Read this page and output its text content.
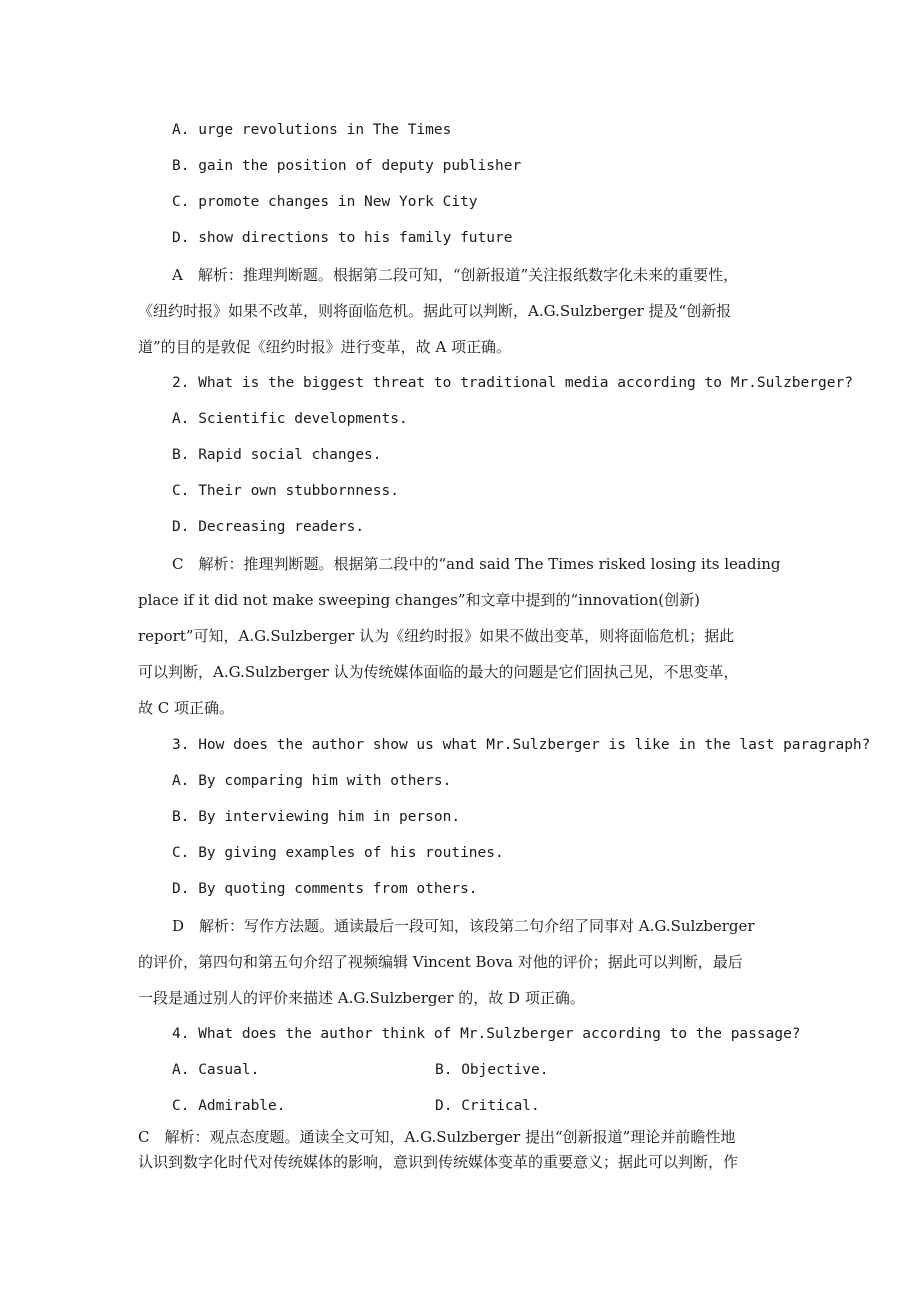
A. urge revolutions in The Times
B. gain the position of deputy publisher
C. promote changes in New York City
D. show directions to his family future
A　解析：推理判断题。根据第二段可知，“创新报道”关注报纸数字化未来的重要性，
《纽约时报》如果不改革，则将面临危机。据此可以判断，A.G.Sulzberger 提及“创新报
道”的目的是敦促《纽约时报》进行变革，故 A 项正确。
2. What is the biggest threat to traditional media according to Mr.Sulzberger?
A. Scientific developments.
B. Rapid social changes.
C. Their own stubbornness.
D. Decreasing readers.
C　解析：推理判断题。根据第二段中的“and said The Times risked losing its leading
place if it did not make sweeping changes”和文章中提到的“innovation(创新)
report”可知，A.G.Sulzberger 认为《纽约时报》如果不做出变革，则将面临危机；据此
可以判断，A.G.Sulzberger 认为传统媒体面临的最大的问题是它们固执己见，不思变革，
故 C 项正确。
3. How does the author show us what Mr.Sulzberger is like in the last paragraph?
A. By comparing him with others.
B. By interviewing him in person.
C. By giving examples of his routines.
D. By quoting comments from others.
D　解析：写作方法题。通读最后一段可知，该段第二句介绍了同事对 A.G.Sulzberger
的评价，第四句和第五句介绍了视频编辑 Vincent Bova 对他的评价；据此可以判断，最后
一段是通过别人的评价来描述 A.G.Sulzberger 的，故 D 项正确。
4. What does the author think of Mr.Sulzberger according to the passage?
A. Casual.	B. Objective.
C. Admirable.	D. Critical.
C　解析：观点态度题。通读全文可知，A.G.Sulzberger 提出“创新报道”理论并前瞻性地
认识到数字化时代对传统媒体的影响，意识到传统媒体变革的重要意义；据此可以判断，作
